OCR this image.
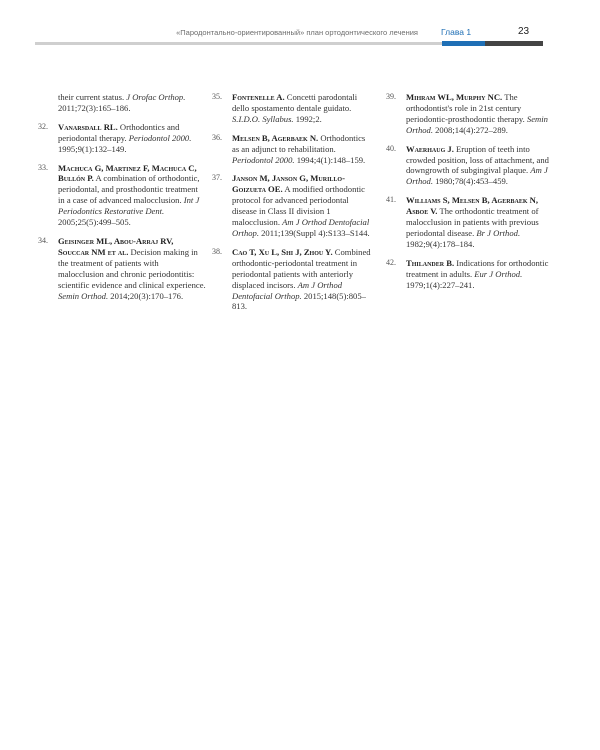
«Пародонтально-ориентированный» план ортодонтического лечения	Глава 1	23

their current status. J Orofac Orthop. 2011;72(3):165–186.

32.	Vanarsdall RL. Orthodontics and periodontal therapy. Periodontol 2000. 1995;9(1):132–149.

33.	Machuca G, Martinez F, Machuca C, Bullón P. A combination of orthodontic, periodontal, and prosthodontic treatment in a case of advanced malocclusion. Int J Periodontics Restorative Dent. 2005;25(5):499–505.

34.	Geisinger ML, Abou-Arraj RV, Souccar NM et al. Decision making in the treatment of patients with malocclusion and chronic periodontitis: scientific evidence and clinical experience. Semin Orthod. 2014;20(3):170–176.

35.	Fontenelle A. Concetti parodontali dello spostamento dentale guidato. S.I.D.O. Syllabus. 1992;2.

36.	Melsen B, Agerbaek N. Orthodontics as an adjunct to rehabilitation. Periodontol 2000. 1994;4(1):148–159.

37.	Janson M, Janson G, Murillo-Goizueta OE. A modified orthodontic protocol for advanced periodontal disease in Class II division 1 malocclusion. Am J Orthod Dentofacial Orthop. 2011;139(Suppl 4):S133–S144.

38.	Cao T, Xu L, Shi J, Zhou Y. Combined orthodontic-periodontal treatment in periodontal patients with anteriorly displaced incisors. Am J Orthod Dentofacial Orthop. 2015;148(5):805–813.

39.	Mihram WL, Murphy NC. The orthodontist's role in 21st century periodontic-prosthodontic therapy. Semin Orthod. 2008;14(4):272–289.

40.	Waerhaug J. Eruption of teeth into crowded position, loss of attachment, and downgrowth of subgingival plaque. Am J Orthod. 1980;78(4):453–459.

41.	Williams S, Melsen B, Agerbaek N, Asboe V. The orthodontic treatment of malocclusion in patients with previous periodontal disease. Br J Orthod. 1982;9(4):178–184.

42.	Thilander B. Indications for orthodontic treatment in adults. Eur J Orthod. 1979;1(4):227–241.
